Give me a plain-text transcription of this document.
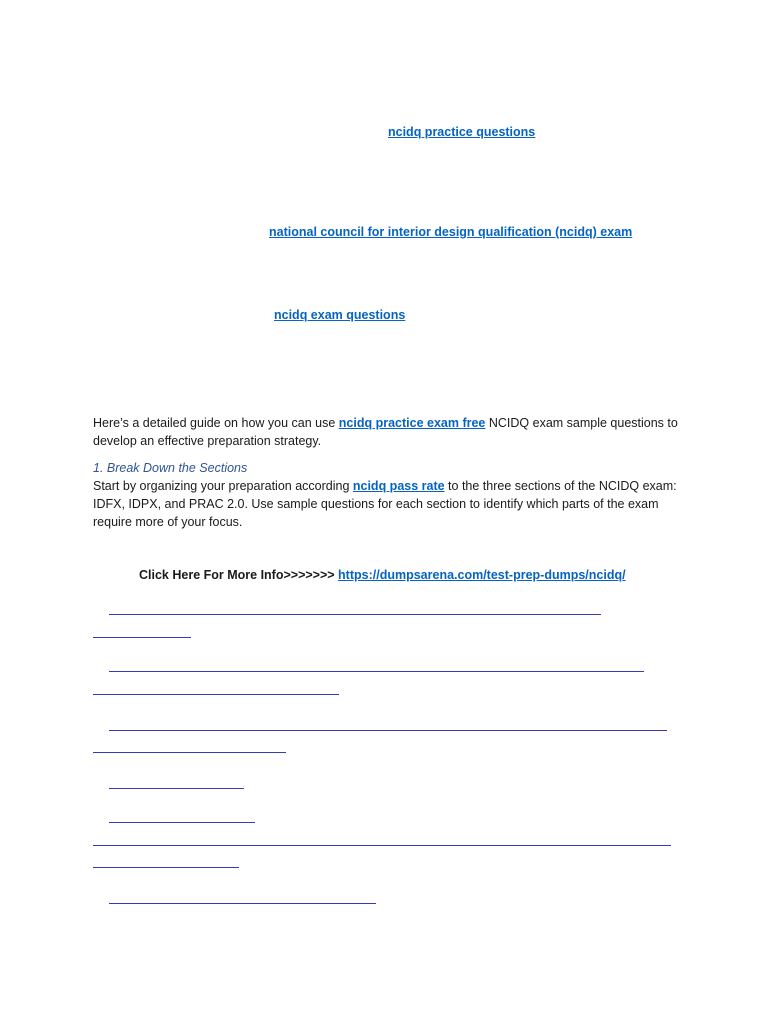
ncidq practice questions
national council for interior design qualification (ncidq) exam
ncidq exam questions
Here’s a detailed guide on how you can use ncidq practice exam free NCIDQ exam sample questions to develop an effective preparation strategy.
1. Break Down the Sections
Start by organizing your preparation according ncidq pass rate to the three sections of the NCIDQ exam: IDFX, IDPX, and PRAC 2.0. Use sample questions for each section to identify which parts of the exam require more of your focus.
Click Here For More Info>>>>>>> https://dumpsarena.com/test-prep-dumps/ncidq/
